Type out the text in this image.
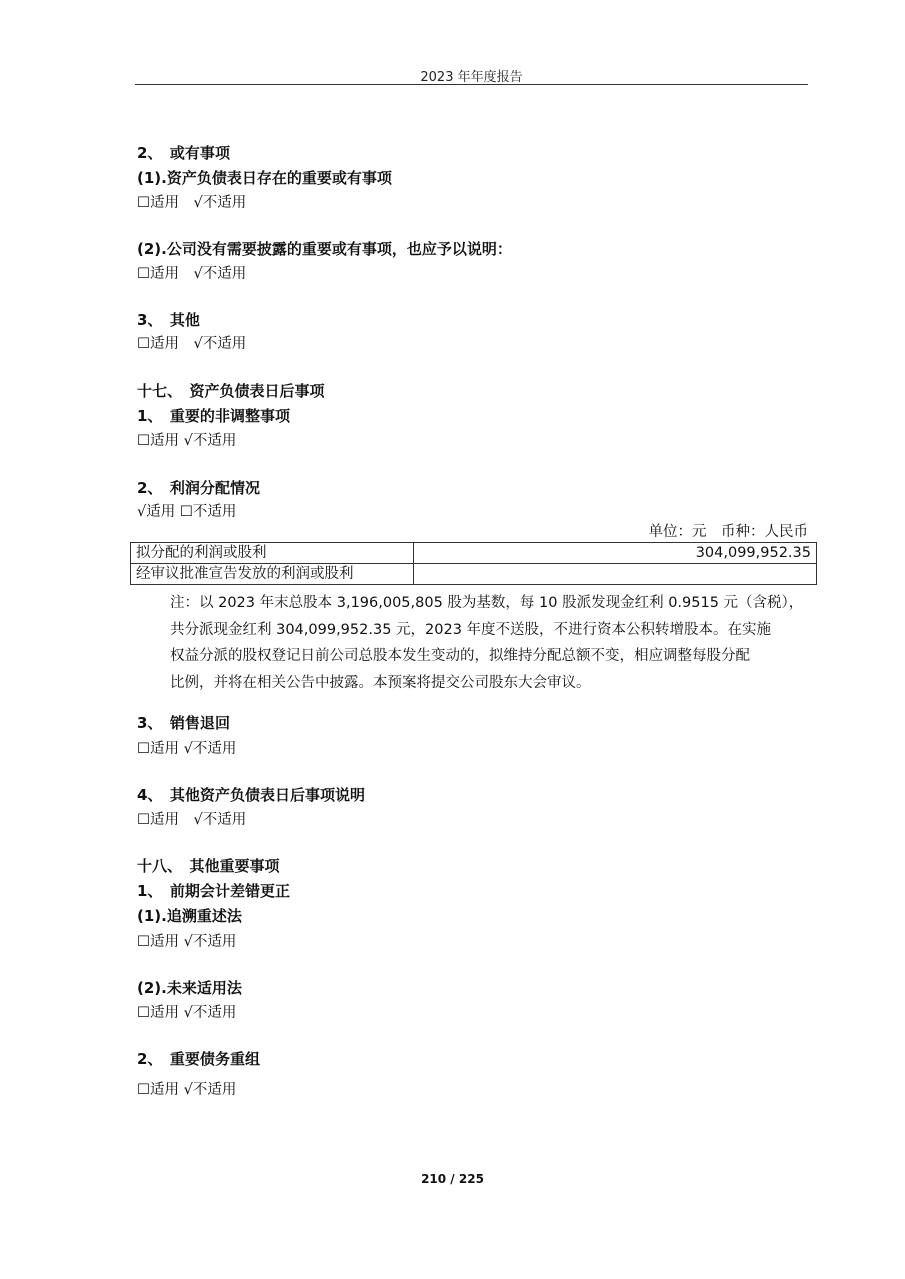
2023 年年度报告
2、　或有事项
(1).资产负债表日存在的重要或有事项
☐适用　√不适用
(2).公司没有需要披露的重要或有事项，也应予以说明：
☐适用　√不适用
3、　其他
☐适用　√不适用
十七、　资产负债表日后事项
1、　重要的非调整事项
☐适用 √不适用
2、　利润分配情况
√适用 ☐不适用
3、　销售退回
☐适用 √不适用
4、　其他资产负债表日后事项说明
☐适用　√不适用
十八、　其他重要事项
1、　前期会计差错更正
(1).追溯重述法
☐适用 √不适用
(2).未来适用法
☐适用 √不适用
2、　重要债务重组
☐适用 √不适用
单位：元　币种：人民币
拟分配的利润或股利	304,099,952.35
经审议批准宣告发放的利润或股利	
注：以 2023 年末总股本 3,196,005,805 股为基数，每 10 股派发现金红利 0.9515 元（含税），
共分派现金红利 304,099,952.35 元，2023 年度不送股，不进行资本公积转增股本。在实施
权益分派的股权登记日前公司总股本发生变动的，拟维持分配总额不变，相应调整每股分配
比例，并将在相关公告中披露。本预案将提交公司股东大会审议。
210 / 225
